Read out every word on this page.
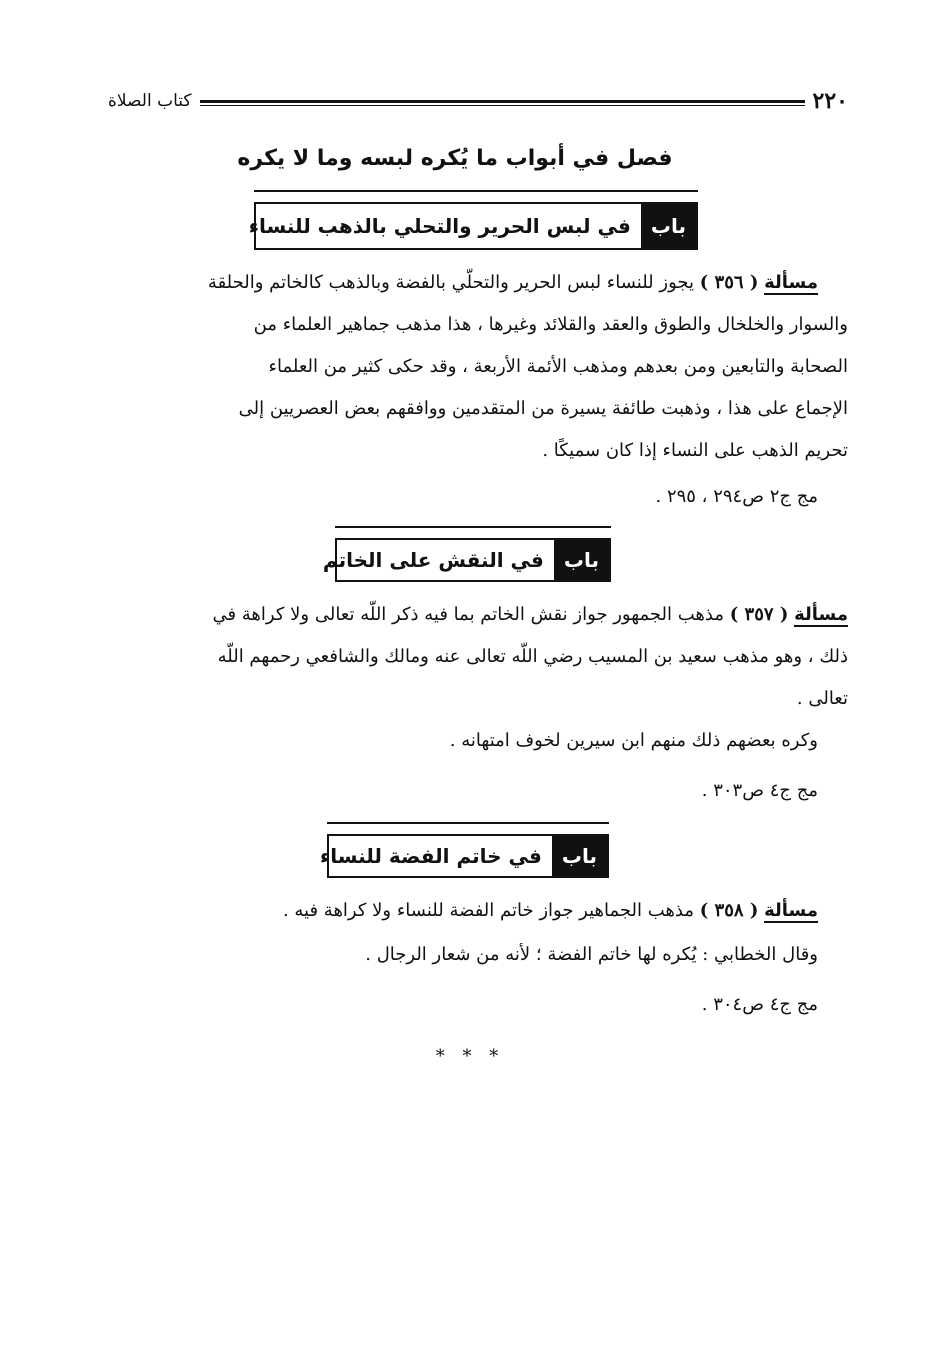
٢٢٠
كتاب الصلاة
فصل في أبواب ما يُكره لبسه وما لا يكره
باب
في لبس الحرير والتحلي بالذهب للنساء
مسألة ( ٣٥٦ ) يجوز للنساء لبس الحرير والتحلّي بالفضة وبالذهب كالخاتم والحلقة
والسوار والخلخال والطوق والعقد والقلائد وغيرها ، هذا مذهب جماهير العلماء من
الصحابة والتابعين ومن بعدهم ومذهب الأئمة الأربعة ، وقد حكى كثير من العلماء
الإجماع على هذا ، وذهبت طائفة يسيرة من المتقدمين ووافقهم بعض العصريين إلى
تحريم الذهب على النساء إذا كان سميكًا .
مج ج٢ ص٢٩٤ ، ٢٩٥ .
باب
في النقش على الخاتم
مسألة ( ٣٥٧ ) مذهب الجمهور جواز نقش الخاتم بما فيه ذكر اللّه تعالى ولا كراهة في
ذلك ، وهو مذهب سعيد بن المسيب رضي اللّه تعالى عنه ومالك والشافعي رحمهم اللّه
تعالى .
وكره بعضهم ذلك منهم ابن سيرين لخوف امتهانه .
مج ج٤ ص٣٠٣ .
باب
في خاتم الفضة للنساء
مسألة ( ٣٥٨ ) مذهب الجماهير جواز خاتم الفضة للنساء ولا كراهة فيه .
وقال الخطابي : يُكره لها خاتم الفضة ؛ لأنه من شعار الرجال .
مج ج٤ ص٣٠٤ .
* * *
